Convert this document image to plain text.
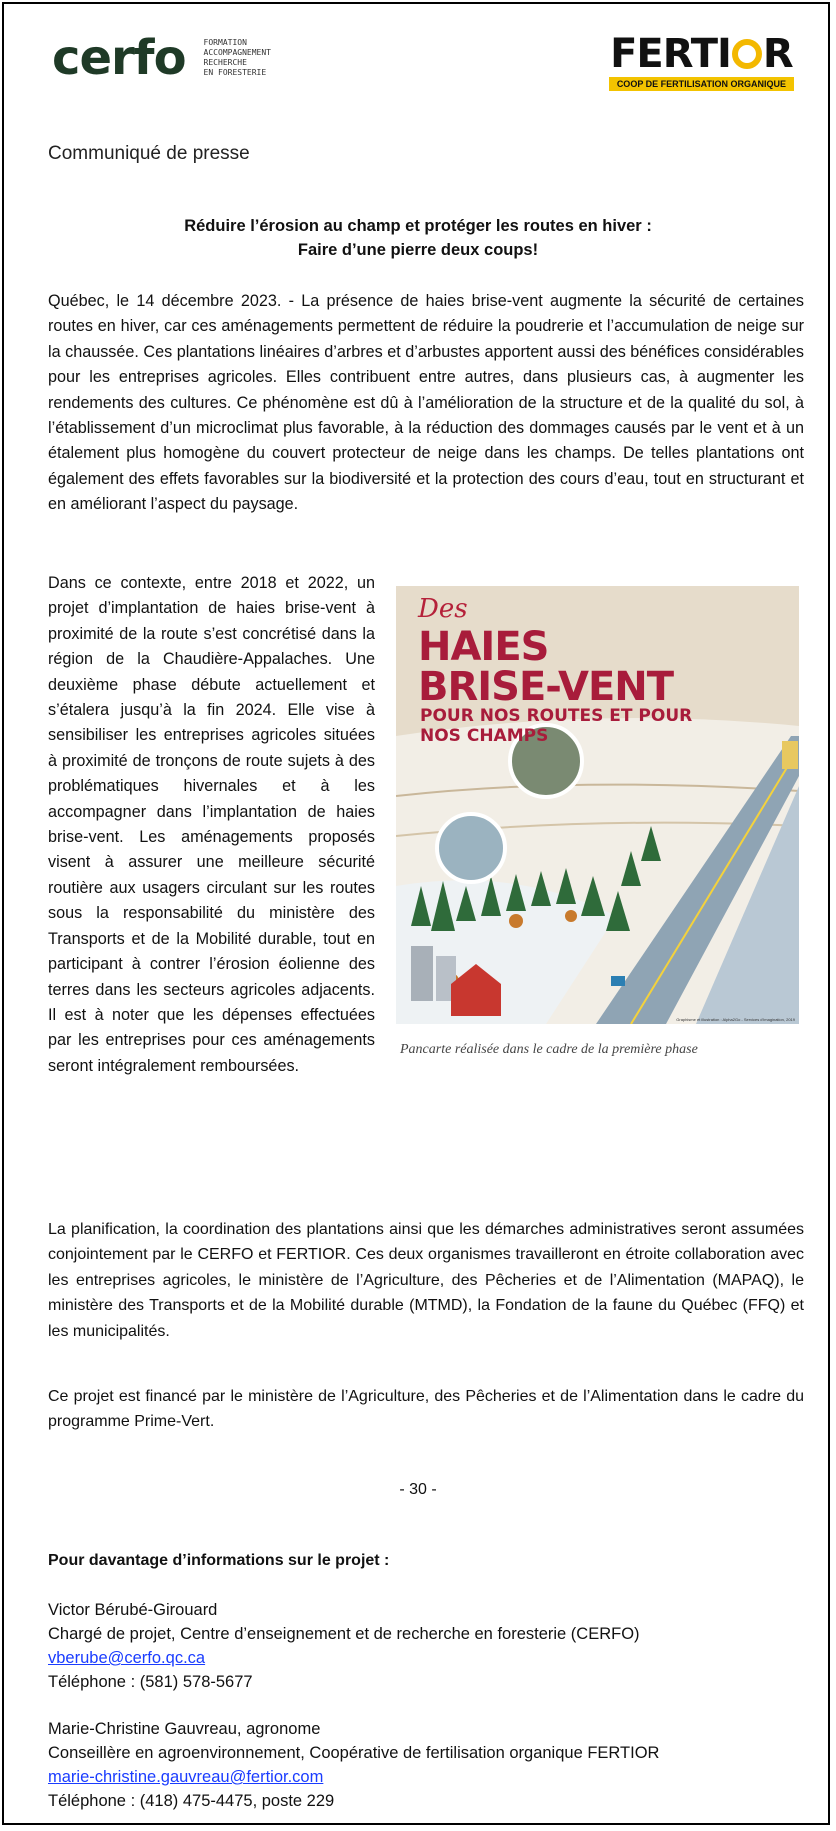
cerfo FORMATION
ACCOMPAGNEMENT
RECHERCHE
EN FORESTERIE	FERTI R
COOP DE FERTILISATION ORGANIQUE
Communiqué de presse
Réduire l’érosion au champ et protéger les routes en hiver :
Faire d’une pierre deux coups!
Québec, le 14 décembre 2023. - La présence de haies brise-vent augmente la sécurité de certaines routes en hiver, car ces aménagements permettent de réduire la poudrerie et l’accumulation de neige sur la chaussée. Ces plantations linéaires d’arbres et d’arbustes apportent aussi des bénéfices considérables pour les entreprises agricoles. Elles contribuent entre autres, dans plusieurs cas, à augmenter les rendements des cultures. Ce phénomène est dû à l’amélioration de la structure et de la qualité du sol, à l’établissement d’un microclimat plus favorable, à la réduction des dommages causés par le vent et à un étalement plus homogène du couvert protecteur de neige dans les champs. De telles plantations ont également des effets favorables sur la biodiversité et la protection des cours d’eau, tout en structurant et en améliorant l’aspect du paysage.
Dans ce contexte, entre 2018 et 2022, un projet d’implantation de haies brise-vent à proximité de la route s’est concrétisé dans la région de la Chaudière-Appalaches. Une deuxième phase débute actuellement et s’étalera jusqu’à la fin 2024. Elle vise à sensibiliser les entreprises agricoles situées à proximité de tronçons de route sujets à des problématiques hivernales et à les accompagner dans l’implantation de haies brise-vent. Les aménagements proposés visent à assurer une meilleure sécurité routière aux usagers circulant sur les routes sous la responsabilité du ministère des Transports et de la Mobilité durable, tout en participant à contrer l’érosion éolienne des terres dans les secteurs agricoles adjacents. Il est à noter que les dépenses effectuées par les entreprises pour ces aménagements seront intégralement remboursées.
Des
HAIES
BRISE-VENT
POUR NOS ROUTES ET POUR NOS CHAMPS
Graphisme et illustration : Alpha2Go - Services d’imagination, 2019
Pancarte réalisée dans le cadre de la première phase
La planification, la coordination des plantations ainsi que les démarches administratives seront assumées conjointement par le CERFO et FERTIOR. Ces deux organismes travailleront en étroite collaboration avec les entreprises agricoles, le ministère de l’Agriculture, des Pêcheries et de l’Alimentation (MAPAQ), le ministère des Transports et de la Mobilité durable (MTMD), la Fondation de la faune du Québec (FFQ) et les municipalités.
Ce projet est financé par le ministère de l’Agriculture, des Pêcheries et de l’Alimentation dans le cadre du programme Prime-Vert.
- 30 -
Pour davantage d’informations sur le projet :
Victor Bérubé-Girouard
Chargé de projet, Centre d’enseignement et de recherche en foresterie (CERFO)
vberube@cerfo.qc.ca
Téléphone : (581) 578-5677
Marie-Christine Gauvreau, agronome
Conseillère en agroenvironnement, Coopérative de fertilisation organique FERTIOR
marie-christine.gauvreau@fertior.com
Téléphone : (418) 475-4475, poste 229
